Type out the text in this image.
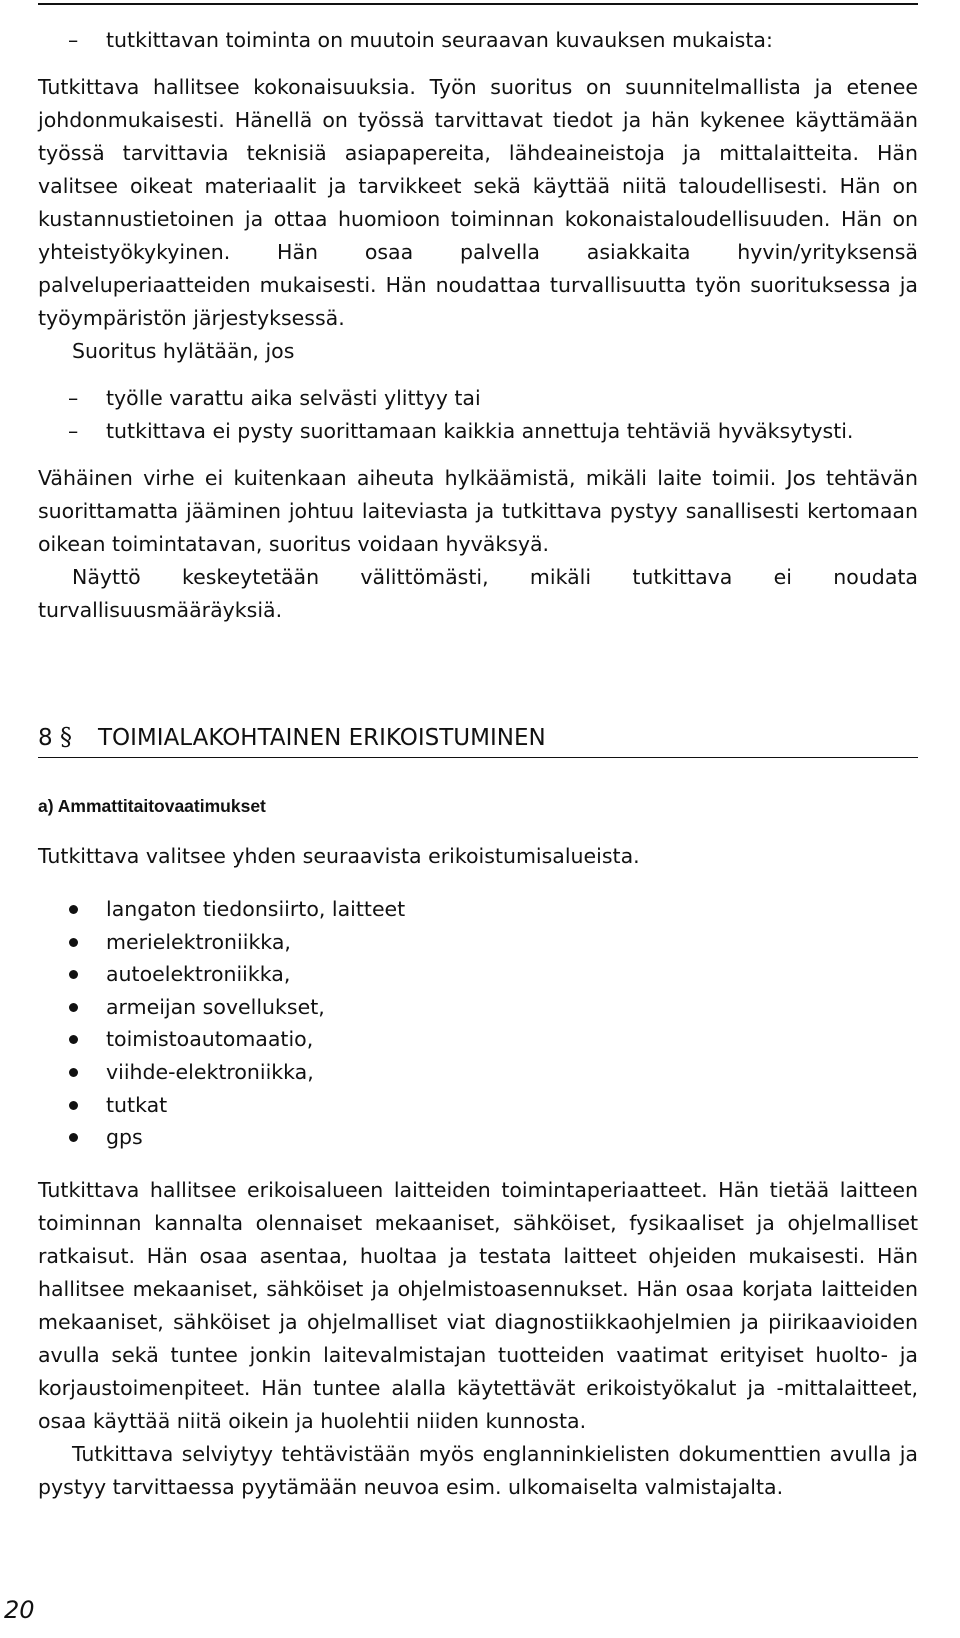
– tutkittavan toiminta on muutoin seuraavan kuvauksen mukaista:

Tutkittava hallitsee kokonaisuuksia. Työn suoritus on suunnitelmallista ja etenee johdonmukaisesti. Hänellä on työssä tarvittavat tiedot ja hän kykenee käyttämään työssä tarvittavia teknisiä asiapapereita, lähdeaineistoja ja mittalaitteita. Hän valitsee oikeat materiaalit ja tarvikkeet sekä käyttää niitä taloudellisesti. Hän on kustannustietoinen ja ottaa huomioon toiminnan kokonaistaloudellisuuden. Hän on yhteistyökykyinen. Hän osaa palvella asiakkaita hyvin/yrityksensä palveluperiaatteiden mukaisesti. Hän noudattaa turvallisuutta työn suorituksessa ja työympäristön järjestyksessä.

Suoritus hylätään, jos

– työlle varattu aika selvästi ylittyy tai

– tutkittava ei pysty suorittamaan kaikkia annettuja tehtäviä hyväksytysti.

Vähäinen virhe ei kuitenkaan aiheuta hylkäämistä, mikäli laite toimii. Jos tehtävän suorittamatta jääminen johtuu laiteviasta ja tutkittava pystyy sanallisesti kertomaan oikean toimintatavan, suoritus voidaan hyväksyä.

Näyttö keskeytetään välittömästi, mikäli tutkittava ei noudata turvallisuusmääräyksiä.

8 §	TOIMIALAKOHTAINEN ERIKOISTUMINEN
a) Ammattitaitovaatimukset

Tutkittava valitsee yhden seuraavista erikoistumisalueista.

langaton tiedonsiirto, laitteet
merielektroniikka,
autoelektroniikka,
armeijan sovellukset,
toimistoautomaatio,
viihde-elektroniikka,
tutkat
gps

Tutkittava hallitsee erikoisalueen laitteiden toimintaperiaatteet. Hän tietää laitteen toiminnan kannalta olennaiset mekaaniset, sähköiset, fysikaaliset ja ohjelmalliset ratkaisut. Hän osaa asentaa, huoltaa ja testata laitteet ohjeiden mukaisesti. Hän hallitsee mekaaniset, sähköiset ja ohjelmistoasennukset. Hän osaa korjata laitteiden mekaaniset, sähköiset ja ohjelmalliset viat diagnostiikkaohjelmien ja piirikaavioiden avulla sekä tuntee jonkin laitevalmistajan tuotteiden vaatimat erityiset huolto- ja korjaustoimenpiteet. Hän tuntee alalla käytettävät erikoistyökalut ja -mittalaitteet, osaa käyttää niitä oikein ja huolehtii niiden kunnosta.

Tutkittava selviytyy tehtävistään myös englanninkielisten dokumenttien avulla ja pystyy tarvittaessa pyytämään neuvoa esim. ulkomaiselta valmistajalta.

20
